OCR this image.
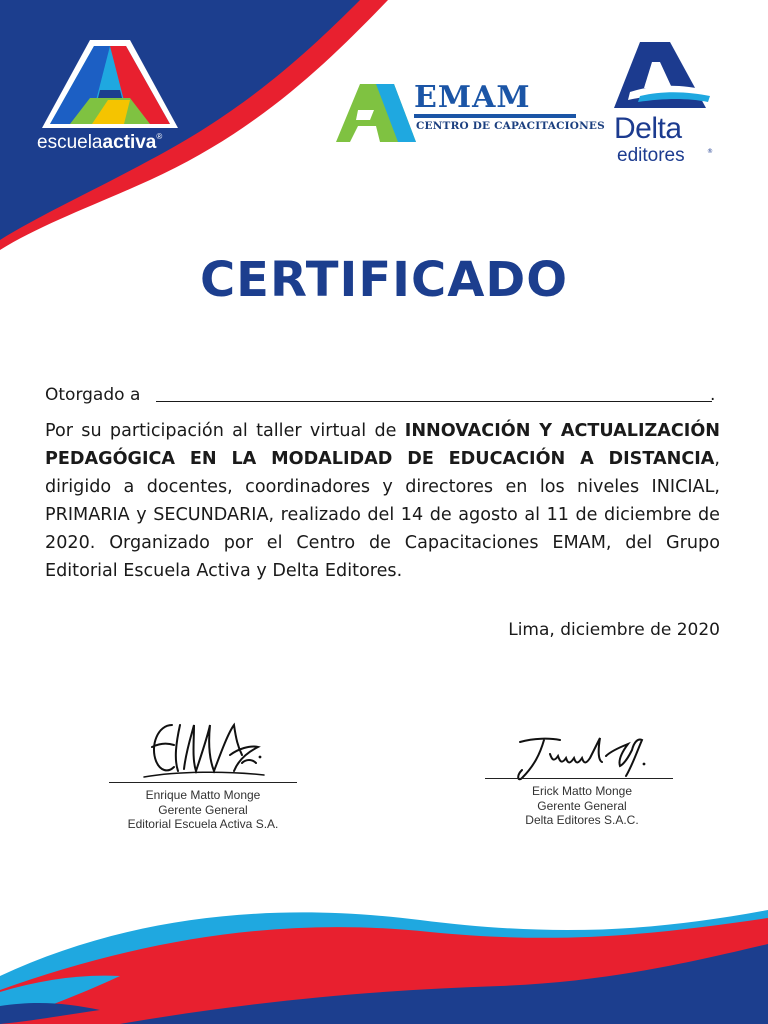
escuelaactiva®
EMAM
CENTRO DE CAPACITACIONES Delta
editores	®
CERTIFICADO
Otorgado a	.

Por su participación al taller virtual de INNOVACIÓN Y ACTUALIZACIÓN PEDAGÓGICA EN LA MODALIDAD DE EDUCACIÓN A DISTANCIA, dirigido a docentes, coordinadores y directores en los niveles INICIAL, PRIMARIA y SECUNDARIA, realizado del 14 de agosto al 11 de diciembre de 2020. Organizado por el Centro de Capacitaciones EMAM, del Grupo Editorial Escuela Activa y Delta Editores.

Lima, diciembre de 2020
Enrique Matto Monge
Gerente General
Editorial Escuela Activa S.A.
Erick Matto Monge
Gerente General
Delta Editores S.A.C.
